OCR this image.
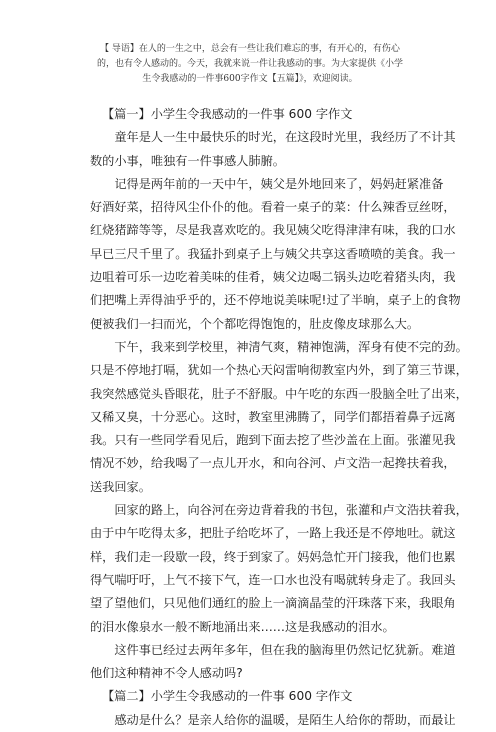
【 导语】在人的一生之中，总会有一些让我们难忘的事，有开心的，有伤心
的，也有令人感动的。今天，我就来说一件让我感动的事。为大家提供《小学
生令我感动的一件事600字作文【五篇】》，欢迎阅读。

【篇一】小学生令我感动的一件事 600 字作文

　　童年是人一生中最快乐的时光，在这段时光里，我经历了不计其
数的小事，唯独有一件事感人肺腑。

　　记得是两年前的一天中午，姨父是外地回来了，妈妈赶紧准备
好酒好菜，招待风尘仆仆的他。看着一桌子的菜：什么辣香豆丝呀，
红烧猪蹄等等，尽是我喜欢吃的。我见姨父吃得津津有味，我的口水
早已三尺千里了。我猛扑到桌子上与姨父共享这香喷喷的美食。我一
边咀着可乐一边吃着美味的佳肴，姨父边喝二锅头边吃着猪头肉，我
们把嘴上弄得油乎乎的，还不停地说美味呢!过了半晌，桌子上的食物
便被我们一扫而光，个个都吃得饱饱的，肚皮像皮球那么大。

　　下午，我来到学校里，神清气爽，精神饱满，浑身有使不完的劲。
只是不停地打嗝，犹如一个热心天闷雷响彻教室内外，到了第三节课，
我突然感觉头昏眼花，肚子不舒服。中午吃的东西一股脑全吐了出来，
又稀又臭，十分恶心。这时，教室里沸腾了，同学们都捂着鼻子远离
我。只有一些同学看见后，跑到下面去挖了些沙盖在上面。张灌见我
情况不妙，给我喝了一点儿开水，和向谷河、卢文浩一起搀扶着我，
送我回家。

　　回家的路上，向谷河在旁边背着我的书包，张灌和卢文浩扶着我，
由于中午吃得太多，把肚子给吃坏了，一路上我还是不停地吐。就这
样，我们走一段歇一段，终于到家了。妈妈急忙开门接我，他们也累
得气喘吁吁，上气不接下气，连一口水也没有喝就转身走了。我回头
望了望他们，只见他们通红的脸上一滴滴晶莹的汗珠落下来，我眼角
的泪水像泉水一般不断地涌出来……这是我感动的泪水。

　　这件事已经过去两年多年，但在我的脑海里仍然记忆犹新。难道
他们这种精神不令人感动吗?

【篇二】小学生令我感动的一件事 600 字作文

　　感动是什么？是亲人给你的温暖，是陌生人给你的帮助，而最让
